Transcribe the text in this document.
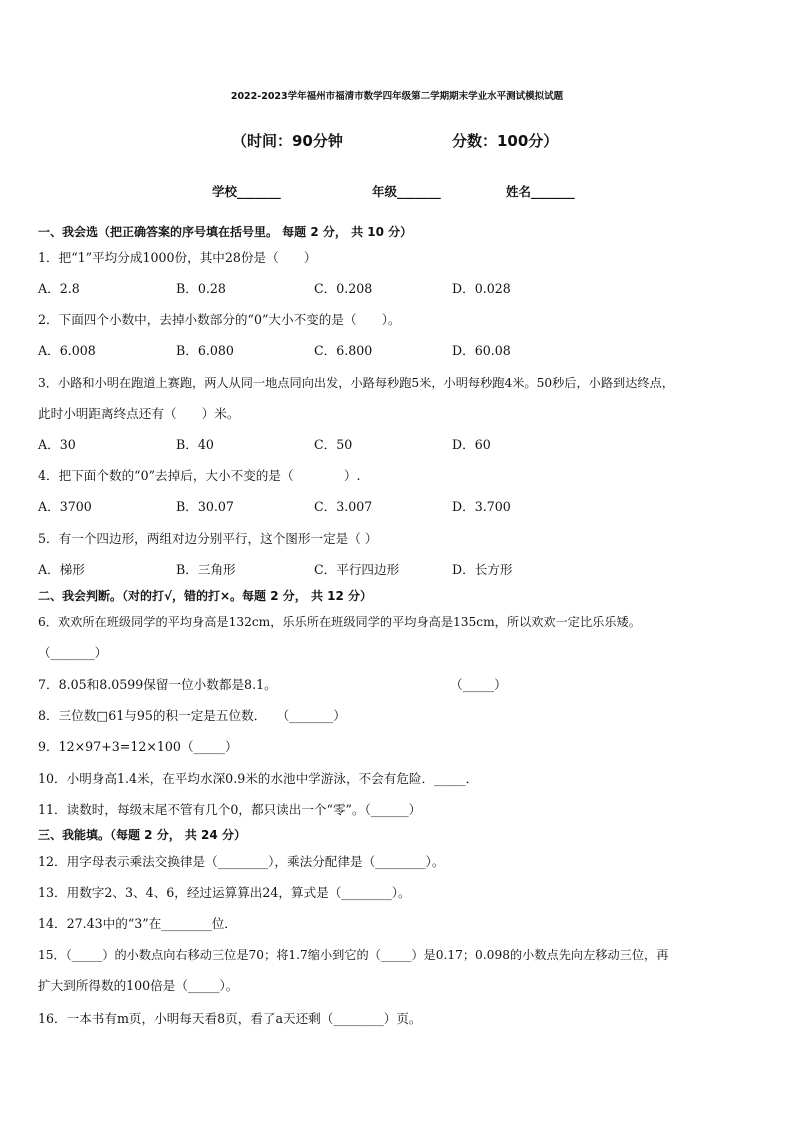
2022-2023学年福州市福清市数学四年级第二学期期末学业水平测试模拟试题
（时间：90分钟	分数：100分）
学校_______	年级_______	姓名_______
一、我会选（把正确答案的序号填在括号里。 每题 2 分， 共 10 分）
1．把“1”平均分成1000份，其中28份是（　　）
A．2.8	B．0.28	C．0.208	D．0.028
2．下面四个小数中，去掉小数部分的“0”大小不变的是（　　）。
A．6.008	B．6.080	C．6.800	D．60.08
3．小路和小明在跑道上赛跑，两人从同一地点同向出发，小路每秒跑5米，小明每秒跑4米。50秒后，小路到达终点，
此时小明距离终点还有（　　）米。
A．30	B．40	C．50	D．60
4．把下面个数的“0”去掉后，大小不变的是（　　　　）.
A．3700	B．30.07	C．3.007	D．3.700
5．有一个四边形，两组对边分别平行，这个图形一定是（ ）
A．梯形	B．三角形	C．平行四边形	D．长方形
二、我会判断。（对的打√，错的打×。每题 2 分， 共 12 分）
6．欢欢所在班级同学的平均身高是132cm，乐乐所在班级同学的平均身高是135cm，所以欢欢一定比乐乐矮。
（_______）
7．8.05和8.0599保留一位小数都是8.1。	（_____）
8．三位数□61与95的积一定是五位数．　 （_______）
9．12×97+3=12×100（_____）
10．小明身高1.4米，在平均水深0.9米的水池中学游泳，不会有危险．_____．
11．读数时，每级末尾不管有几个0，都只读出一个“零”。（______）
三、我能填。（每题 2 分， 共 24 分）
12．用字母表示乘法交换律是（________），乘法分配律是（________）。
13．用数字2、3、4、6，经过运算算出24，算式是（________）。
14．27.43中的“3”在________位．
15．（_____）的小数点向右移动三位是70；将1.7缩小到它的（_____）是0.17；0.098的小数点先向左移动三位，再
扩大到所得数的100倍是（_____）。
16．一本书有m页，小明每天看8页，看了a天还剩（________）页。
